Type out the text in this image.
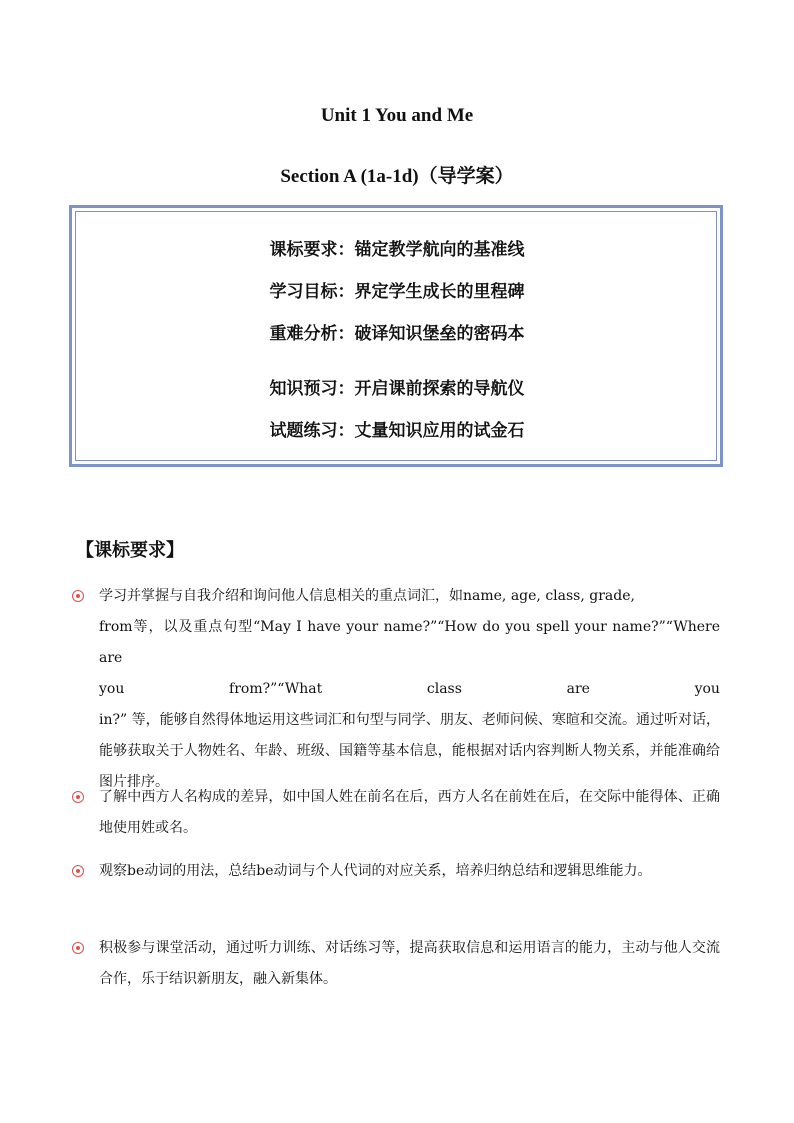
Unit 1 You and Me
Section A (1a-1d)（导学案）
课标要求：锚定教学航向的基准线
学习目标：界定学生成长的里程碑
重难分析：破译知识堡垒的密码本
知识预习：开启课前探索的导航仪
试题练习：丈量知识应用的试金石
【课标要求】
学习并掌握与自我介绍和询问他人信息相关的重点词汇，如name, age, class, grade,
from等，以及重点句型“May I have your name?”“How do you spell your name?”“Where are
you	from?”“What	class	are	you
in?” 等，能够自然得体地运用这些词汇和句型与同学、朋友、老师问候、寒暄和交流。通过听对话，能够获取关于人物姓名、年龄、班级、国籍等基本信息，能根据对话内容判断人物关系，并能准确给图片排序。
了解中西方人名构成的差异，如中国人姓在前名在后，西方人名在前姓在后，在交际中能得体、正确地使用姓或名。
观察be动词的用法，总结be动词与个人代词的对应关系，培养归纳总结和逻辑思维能力。
积极参与课堂活动，通过听力训练、对话练习等，提高获取信息和运用语言的能力，主动与他人交流合作，乐于结识新朋友，融入新集体。
